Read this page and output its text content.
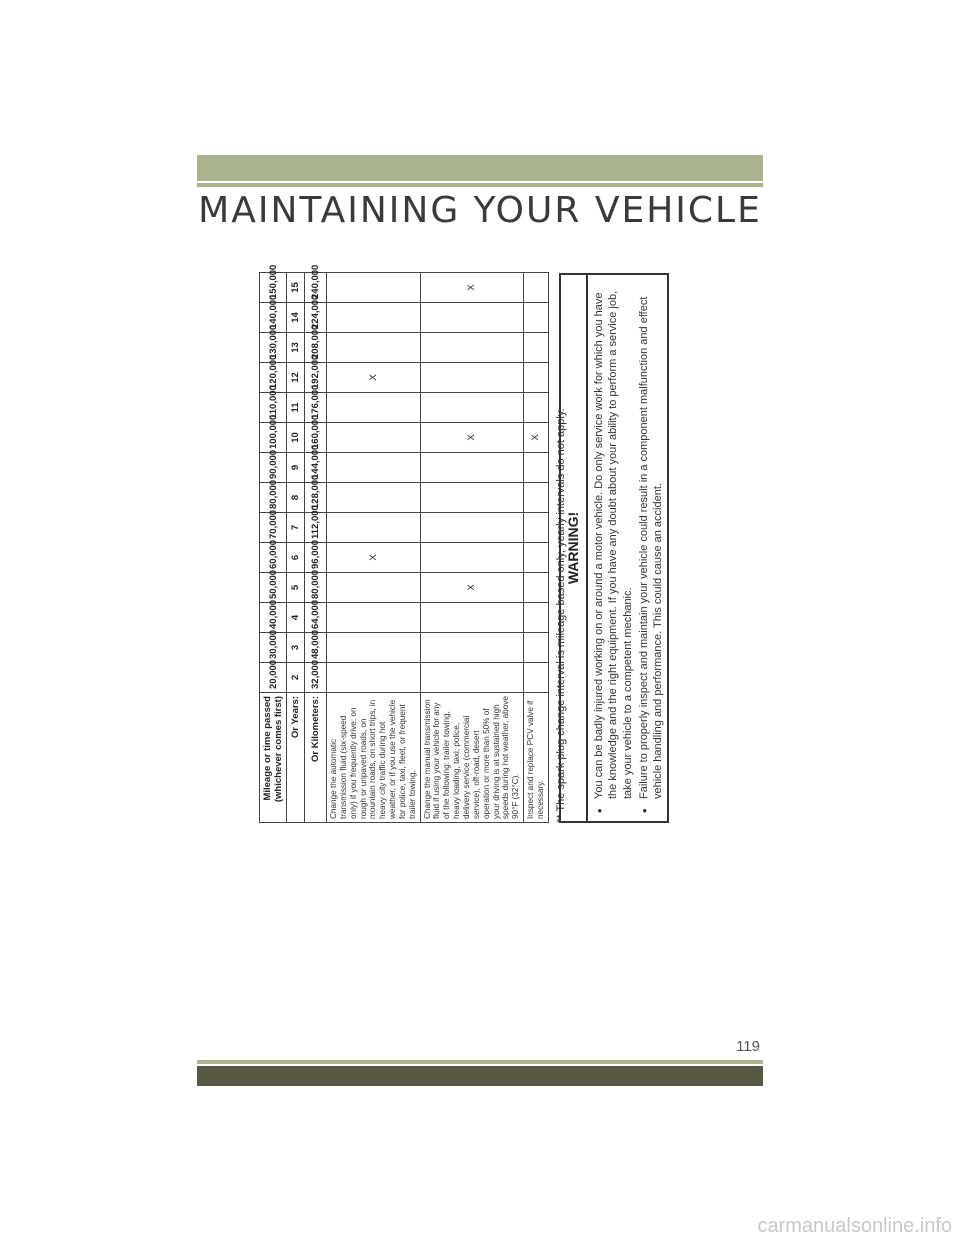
MAINTAINING YOUR VEHICLE
Mileage or time passed (whichever comes first)	20,000	30,000	40,000	50,000	60,000	70,000	80,000	90,000	100,000	110,000	120,000	130,000	140,000	150,000
Or Years:	2	3	4	5	6	7	8	9	10	11	12	13	14	15
Or Kilometers:	32,000	48,000	64,000	80,000	96,000	112,000	128,000	144,000	160,000	176,000	192,000	208,000	224,000	240,000
Change the automatic transmission fluid (six-speed only) if you frequently drive: on rough or unpaved roads, on mountain roads, on short trips, in heavy city traffic during hot weather, or if you use the vehicle for police, taxi, fleet, or frequent trailer towing.					X						X			
Change the manual transmission fluid if using your vehicle for any of the following: trailer towing, heavy loading, taxi, police, delivery service (commercial service), off-road, desert operation or more than 50% of your driving is at sustained high speeds during hot weather, above 90°F (32°C).				X					X					X
Inspect and replace PCV valve if necessary.									X					** The spark plug change interval is mileage based only, yearly intervals do not apply.
WARNING!	• You can be badly injured working on or around a motor vehicle. Do only service work for which you have the knowledge and the right equipment. If you have any doubt about your ability to perform a service job, take your vehicle to a competent mechanic. • Failure to properly inspect and maintain your vehicle could result in a component malfunction and effect vehicle handling and performance. This could cause an accident.
119
carmanualsonline.info
